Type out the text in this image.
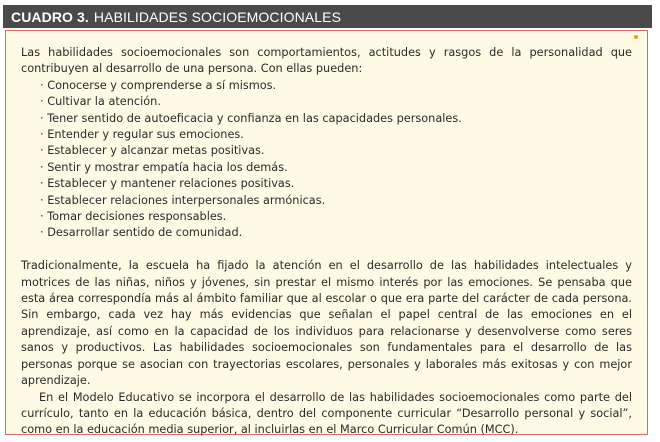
CUADRO 3. HABILIDADES SOCIOEMOCIONALES

Las habilidades socioemocionales son comportamientos, actitudes y rasgos de la personalidad que contribuyen al desarrollo de una persona. Con ellas pueden:

· Conocerse y comprenderse a sí mismos.
· Cultivar la atención.
· Tener sentido de autoeficacia y confianza en las capacidades personales.
· Entender y regular sus emociones.
· Establecer y alcanzar metas positivas.
· Sentir y mostrar empatía hacia los demás.
· Establecer y mantener relaciones positivas.
· Establecer relaciones interpersonales armónicas.
· Tomar decisiones responsables.
· Desarrollar sentido de comunidad.

Tradicionalmente, la escuela ha fijado la atención en el desarrollo de las habilidades intelectuales y motrices de las niñas, niños y jóvenes, sin prestar el mismo interés por las emociones. Se pensaba que esta área correspondía más al ámbito familiar que al escolar o que era parte del carácter de cada persona. Sin embargo, cada vez hay más evidencias que señalan el papel central de las emociones en el aprendizaje, así como en la capacidad de los individuos para relacionarse y desenvolverse como seres sanos y productivos. Las habilidades socioemocionales son fundamentales para el desarrollo de las personas porque se asocian con trayectorias escolares, personales y laborales más exitosas y con mejor aprendizaje.

En el Modelo Educativo se incorpora el desarrollo de las habilidades socioemocionales como parte del currículo, tanto en la educación básica, dentro del componente curricular “Desarrollo personal y social”, como en la educación media superior, al incluirlas en el Marco Curricular Común (MCC).
